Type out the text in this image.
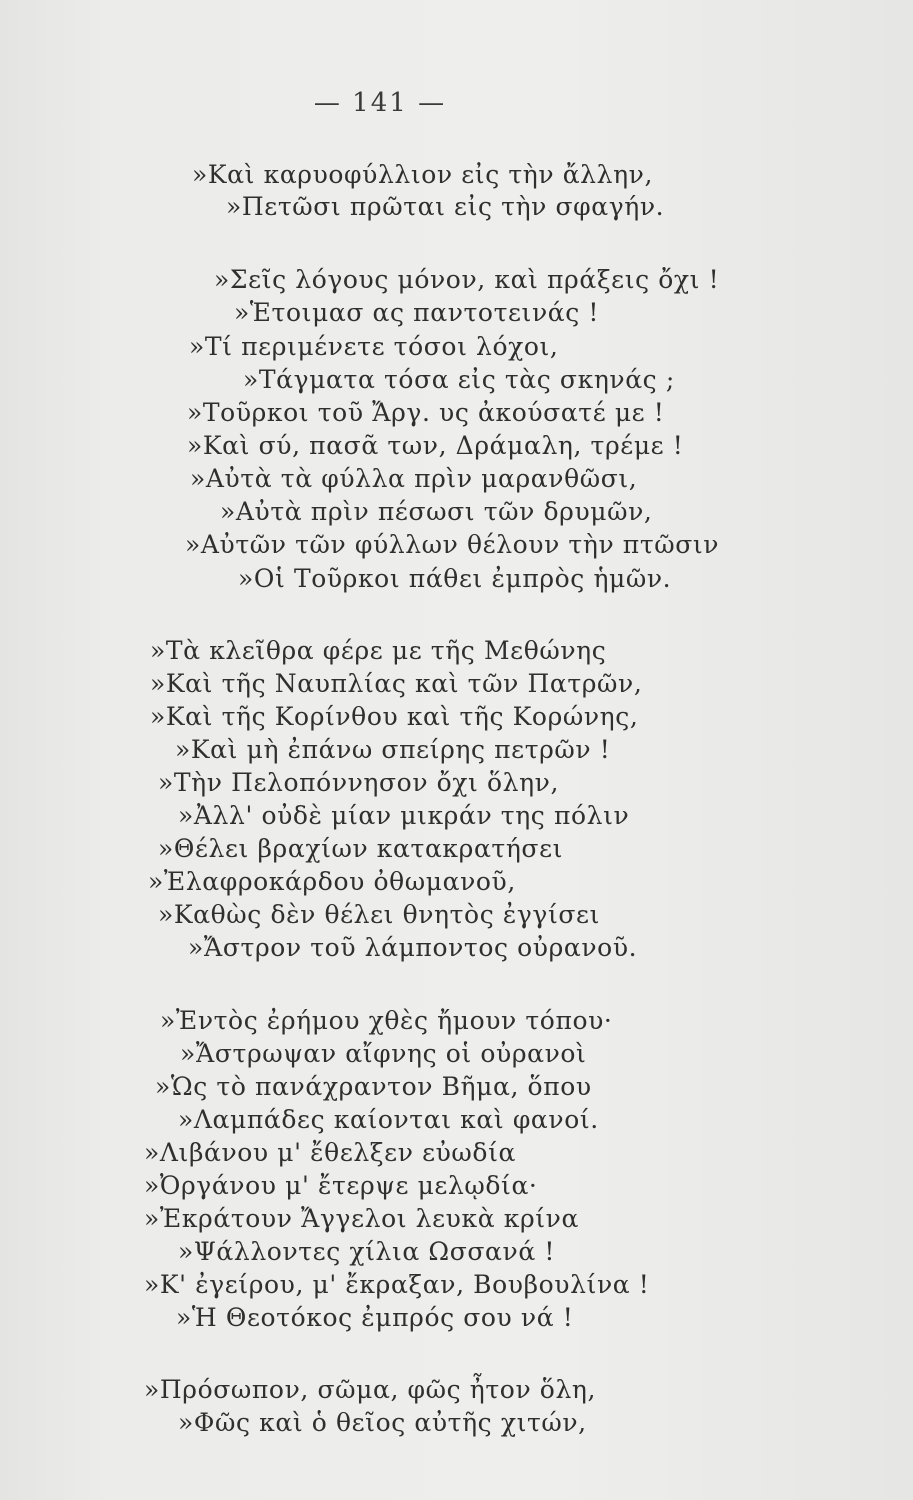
— 141 —
»Καὶ καρυοφύλλιον εἰς τὴν ἄλλην,
»Πετῶσι πρῶται εἰς τὴν σφαγήν.
»Σεῖς λόγους μόνον, καὶ πράξεις ὄχι !
»Ἑτοιμασ ας παντοτεινάς !
»Τί περιμένετε τόσοι λόχοι,
»Τάγματα τόσα εἰς τὰς σκηνάς ;
»Τοῦρκοι τοῦ Ἄργ. υς ἀκούσατέ με !
»Καὶ σύ, πασᾶ των, Δράμαλη, τρέμε !
»Αὐτὰ τὰ φύλλα πρὶν μαρανθῶσι,
»Αὐτὰ πρὶν πέσωσι τῶν δρυμῶν,
»Αὐτῶν τῶν φύλλων θέλουν τὴν πτῶσιν
»Οἱ Τοῦρκοι πάθει ἐμπρὸς ἡμῶν.
»Τὰ κλεῖθρα φέρε με τῆς Μεθώνης
»Καὶ τῆς Ναυπλίας καὶ τῶν Πατρῶν,
»Καὶ τῆς Κορίνθου καὶ τῆς Κορώνης,
»Καὶ μὴ ἐπάνω σπείρης πετρῶν !
»Τὴν Πελοπόννησον ὄχι ὅλην,
»Ἀλλ' οὐδὲ μίαν μικράν της πόλιν
»Θέλει βραχίων κατακρατήσει
»Ἐλαφροκάρδου ὀθωμανοῦ,
»Καθὼς δὲν θέλει θνητὸς ἐγγίσει
»Ἄστρον τοῦ λάμποντος οὐρανοῦ.
»Ἐντὸς ἐρήμου χθὲς ἤμουν τόπου·
»Ἄστρωψαν αἴφνης οἱ οὐρανοὶ
»Ὡς τὸ πανάχραντον Βῆμα, ὅπου
»Λαμπάδες καίονται καὶ φανοί.
»Λιβάνου μ' ἔθελξεν εὐωδία
»Ὀργάνου μ' ἔτερψε μελῳδία·
»Ἐκράτουν Ἄγγελοι λευκὰ κρίνα
»Ψάλλοντες χίλια Ωσσανά !
»Κ' ἐγείρου, μ' ἔκραξαν, Βουβουλίνα !
»Ἡ Θεοτόκος ἐμπρός σου νά !
»Πρόσωπον, σῶμα, φῶς ἦτον ὅλη,
»Φῶς καὶ ὁ θεῖος αὐτῆς χιτών,
